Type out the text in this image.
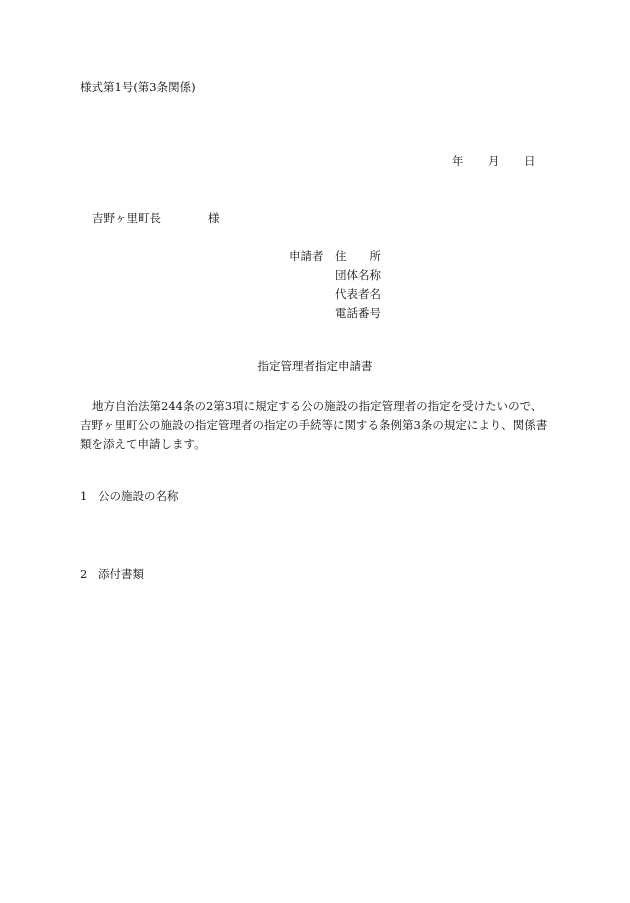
様式第1号(第3条関係)
年	月	日
吉野ヶ里町長	様
申請者 住　　所
団体名称
代表者名
電話番号
指定管理者指定申請書
地方自治法第244条の2第3項に規定する公の施設の指定管理者の指定を受けたいので、吉野ヶ里町公の施設の指定管理者の指定の手続等に関する条例第3条の規定により、関係書類を添えて申請します。
1 公の施設の名称
2 添付書類
